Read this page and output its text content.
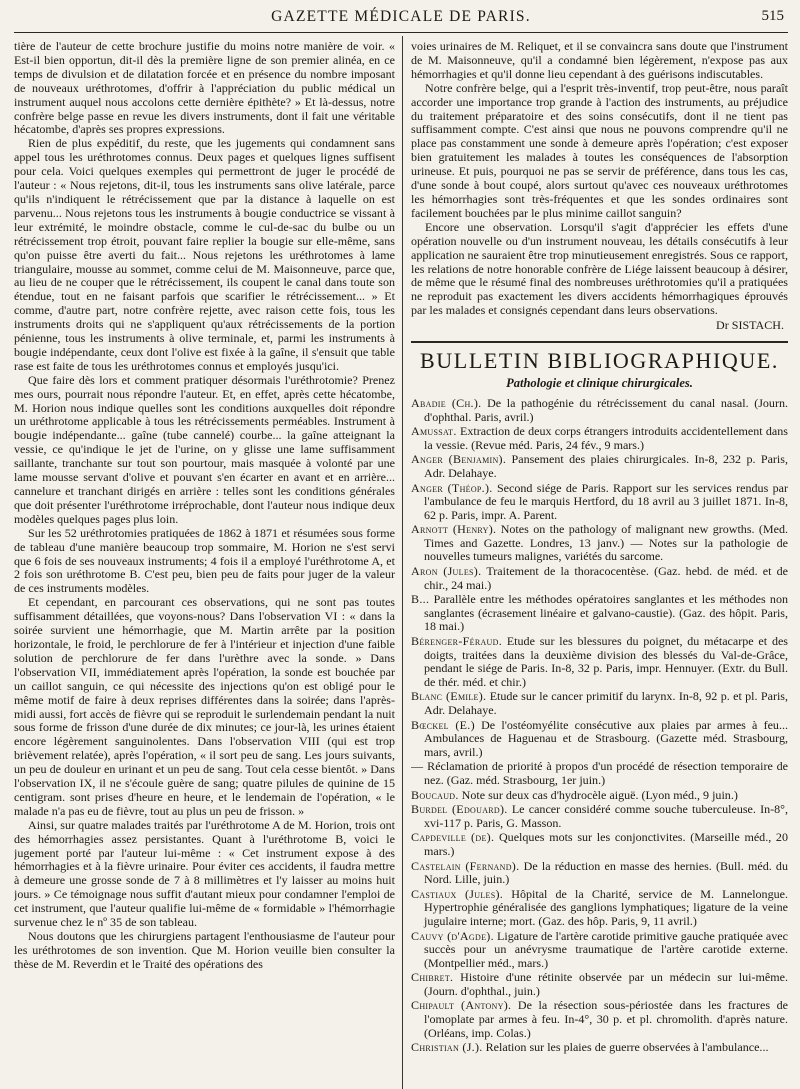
GAZETTE MÉDICALE DE PARIS.	515

tière de l'auteur de cette brochure justifie du moins notre manière de voir. « Est-il bien opportun, dit-il dès la première ligne de son premier alinéa, en ce temps de divulsion et de dilatation forcée et en présence du nombre imposant de nouveaux uréthrotomes, d'offrir à l'appréciation du public médical un instrument auquel nous accolons cette dernière épithète? » Et là-dessus, notre confrère belge passe en revue les divers instruments, dont il fait une véritable hécatombe, d'après ses propres expressions.

Rien de plus expéditif, du reste, que les jugements qui condamnent sans appel tous les uréthrotomes connus. Deux pages et quelques lignes suffisent pour cela. Voici quelques exemples qui permettront de juger le procédé de l'auteur : « Nous rejetons, dit-il, tous les instruments sans olive latérale, parce qu'ils n'indiquent le rétrécissement que par la distance à laquelle on est parvenu... Nous rejetons tous les instruments à bougie conductrice se vissant à leur extrémité, le moindre obstacle, comme le cul-de-sac du bulbe ou un rétrécissement trop étroit, pouvant faire replier la bougie sur elle-même, sans qu'on puisse être averti du fait... Nous rejetons les uréthrotomes à lame triangulaire, mousse au sommet, comme celui de M. Maisonneuve, parce que, au lieu de ne couper que le rétrécissement, ils coupent le canal dans toute son étendue, tout en ne faisant parfois que scarifier le rétrécissement... » Et comme, d'autre part, notre confrère rejette, avec raison cette fois, tous les instruments droits qui ne s'appliquent qu'aux rétrécissements de la portion pénienne, tous les instruments à olive terminale, et, parmi les instruments à bougie indépendante, ceux dont l'olive est fixée à la gaîne, il s'ensuit que table rase est faite de tous les uréthrotomes connus et employés jusqu'ici.

Que faire dès lors et comment pratiquer désormais l'uréthrotomie? Prenez mes ours, pourrait nous répondre l'auteur. Et, en effet, après cette hécatombe, M. Horion nous indique quelles sont les conditions auxquelles doit répondre un uréthrotome applicable à tous les rétrécissements perméables. Instrument à bougie indépendante... gaîne (tube cannelé) courbe... la gaîne atteignant la vessie, ce qu'indique le jet de l'urine, on y glisse une lame suffisamment saillante, tranchante sur tout son pourtour, mais masquée à volonté par une lame mousse servant d'olive et pouvant s'en écarter en avant et en arrière... cannelure et tranchant dirigés en arrière : telles sont les conditions générales que doit présenter l'uréthrotome irréprochable, dont l'auteur nous indique deux modèles quelques pages plus loin.

Sur les 52 uréthrotomies pratiquées de 1862 à 1871 et résumées sous forme de tableau d'une manière beaucoup trop sommaire, M. Horion ne s'est servi que 6 fois de ses nouveaux instruments; 4 fois il a employé l'uréthrotome A, et 2 fois son uréthrotome B. C'est peu, bien peu de faits pour juger de la valeur de ces instruments modèles.

Et cependant, en parcourant ces observations, qui ne sont pas toutes suffisamment détaillées, que voyons-nous? Dans l'observation VI : « dans la soirée survient une hémorrhagie, que M. Martin arrête par la position horizontale, le froid, le perchlorure de fer à l'intérieur et injection d'une faible solution de perchlorure de fer dans l'urèthre avec la sonde. » Dans l'observation VII, immédiatement après l'opération, la sonde est bouchée par un caillot sanguin, ce qui nécessite des injections qu'on est obligé pour le même motif de faire à deux reprises différentes dans la soirée; dans l'après-midi aussi, fort accès de fièvre qui se reproduit le surlendemain pendant la nuit sous forme de frisson d'une durée de dix minutes; ce jour-là, les urines étaient encore légèrement sanguinolentes. Dans l'observation VIII (qui est trop brièvement relatée), après l'opération, « il sort peu de sang. Les jours suivants, un peu de douleur en urinant et un peu de sang. Tout cela cesse bientôt. » Dans l'observation IX, il ne s'écoule guère de sang; quatre pilules de quinine de 15 centigram. sont prises d'heure en heure, et le lendemain de l'opération, « le malade n'a pas eu de fièvre, tout au plus un peu de frisson. »

Ainsi, sur quatre malades traités par l'uréthrotome A de M. Horion, trois ont des hémorrhagies assez persistantes. Quant à l'uréthrotome B, voici le jugement porté par l'auteur lui-même : « Cet instrument expose à des hémorrhagies et à la fièvre urinaire. Pour éviter ces accidents, il faudra mettre à demeure une grosse sonde de 7 à 8 millimètres et l'y laisser au moins huit jours. » Ce témoignage nous suffit d'autant mieux pour condamner l'emploi de cet instrument, que l'auteur qualifie lui-même de « formidable » l'hémorrhagie survenue chez le nº 35 de son tableau.

Nous doutons que les chirurgiens partagent l'enthousiasme de l'auteur pour les uréthrotomes de son invention. Que M. Horion veuille bien consulter la thèse de M. Reverdin et le Traité des opérations des

voies urinaires de M. Reliquet, et il se convaincra sans doute que l'instrument de M. Maisonneuve, qu'il a condamné bien légèrement, n'expose pas aux hémorrhagies et qu'il donne lieu cependant à des guérisons indiscutables.

Notre confrère belge, qui a l'esprit très-inventif, trop peut-être, nous paraît accorder une importance trop grande à l'action des instruments, au préjudice du traitement préparatoire et des soins consécutifs, dont il ne tient pas suffisamment compte. C'est ainsi que nous ne pouvons comprendre qu'il ne place pas constamment une sonde à demeure après l'opération; c'est exposer bien gratuitement les malades à toutes les conséquences de l'absorption urineuse. Et puis, pourquoi ne pas se servir de préférence, dans tous les cas, d'une sonde à bout coupé, alors surtout qu'avec ces nouveaux uréthrotomes les hémorrhagies sont très-fréquentes et que les sondes ordinaires sont facilement bouchées par le plus minime caillot sanguin?

Encore une observation. Lorsqu'il s'agit d'apprécier les effets d'une opération nouvelle ou d'un instrument nouveau, les détails consécutifs à leur application ne sauraient être trop minutieusement enregistrés. Sous ce rapport, les relations de notre honorable confrère de Liége laissent beaucoup à désirer, de même que le résumé final des nombreuses uréthrotomies qu'il a pratiquées ne reproduit pas exactement les divers accidents hémorrhagiques éprouvés par les malades et consignés cependant dans leurs observations.

Dr SISTACH.
BULLETIN BIBLIOGRAPHIQUE.
Pathologie et clinique chirurgicales.
Abadie (Ch.). De la pathogénie du rétrécissement du canal nasal. (Journ. d'ophthal. Paris, avril.)
Amussat. Extraction de deux corps étrangers introduits accidentellement dans la vessie. (Revue méd. Paris, 24 fév., 9 mars.)
Anger (Benjamin). Pansement des plaies chirurgicales. In-8, 232 p. Paris, Adr. Delahaye.
Anger (Théop.). Second siége de Paris. Rapport sur les services rendus par l'ambulance de feu le marquis Hertford, du 18 avril au 3 juillet 1871. In-8, 62 p. Paris, impr. A. Parent.
Arnott (Henry). Notes on the pathology of malignant new growths. (Med. Times and Gazette. Londres, 13 janv.) — Notes sur la pathologie de nouvelles tumeurs malignes, variétés du sarcome.
Aron (Jules). Traitement de la thoracocentèse. (Gaz. hebd. de méd. et de chir., 24 mai.)
B... Parallèle entre les méthodes opératoires sanglantes et les méthodes non sanglantes (écrasement linéaire et galvano-caustie). (Gaz. des hôpit. Paris, 18 mai.)
Bérenger-Féraud. Etude sur les blessures du poignet, du métacarpe et des doigts, traitées dans la deuxième division des blessés du Val-de-Grâce, pendant le siége de Paris. In-8, 32 p. Paris, impr. Hennuyer. (Extr. du Bull. de thér. méd. et chir.)
Blanc (Emile). Etude sur le cancer primitif du larynx. In-8, 92 p. et pl. Paris, Adr. Delahaye.
Bœckel (E.) De l'ostéomyélite consécutive aux plaies par armes à feu... Ambulances de Haguenau et de Strasbourg. (Gazette méd. Strasbourg, mars, avril.)
— Réclamation de priorité à propos d'un procédé de résection temporaire de nez. (Gaz. méd. Strasbourg, 1er juin.)
Boucaud. Note sur deux cas d'hydrocèle aiguë. (Lyon méd., 9 juin.)
Burdel (Edouard). Le cancer considéré comme souche tuberculeuse. In-8°, xvi-117 p. Paris, G. Masson.
Capdeville (de). Quelques mots sur les conjonctivites. (Marseille méd., 20 mars.)
Castelain (Fernand). De la réduction en masse des hernies. (Bull. méd. du Nord. Lille, juin.)
Castiaux (Jules). Hôpital de la Charité, service de M. Lannelongue. Hypertrophie généralisée des ganglions lymphatiques; ligature de la veine jugulaire interne; mort. (Gaz. des hôp. Paris, 9, 11 avril.)
Cauvy (d'Agde). Ligature de l'artère carotide primitive gauche pratiquée avec succès pour un anévrysme traumatique de l'artère carotide externe. (Montpellier méd., mars.)
Chibret. Histoire d'une rétinite observée par un médecin sur lui-même. (Journ. d'ophthal., juin.)
Chipault (Antony). De la résection sous-périostée dans les fractures de l'omoplate par armes à feu. In-4°, 30 p. et pl. chromolith. d'après nature. (Orléans, imp. Colas.)
Christian (J.). Relation sur les plaies de guerre observées à l'ambulance...
